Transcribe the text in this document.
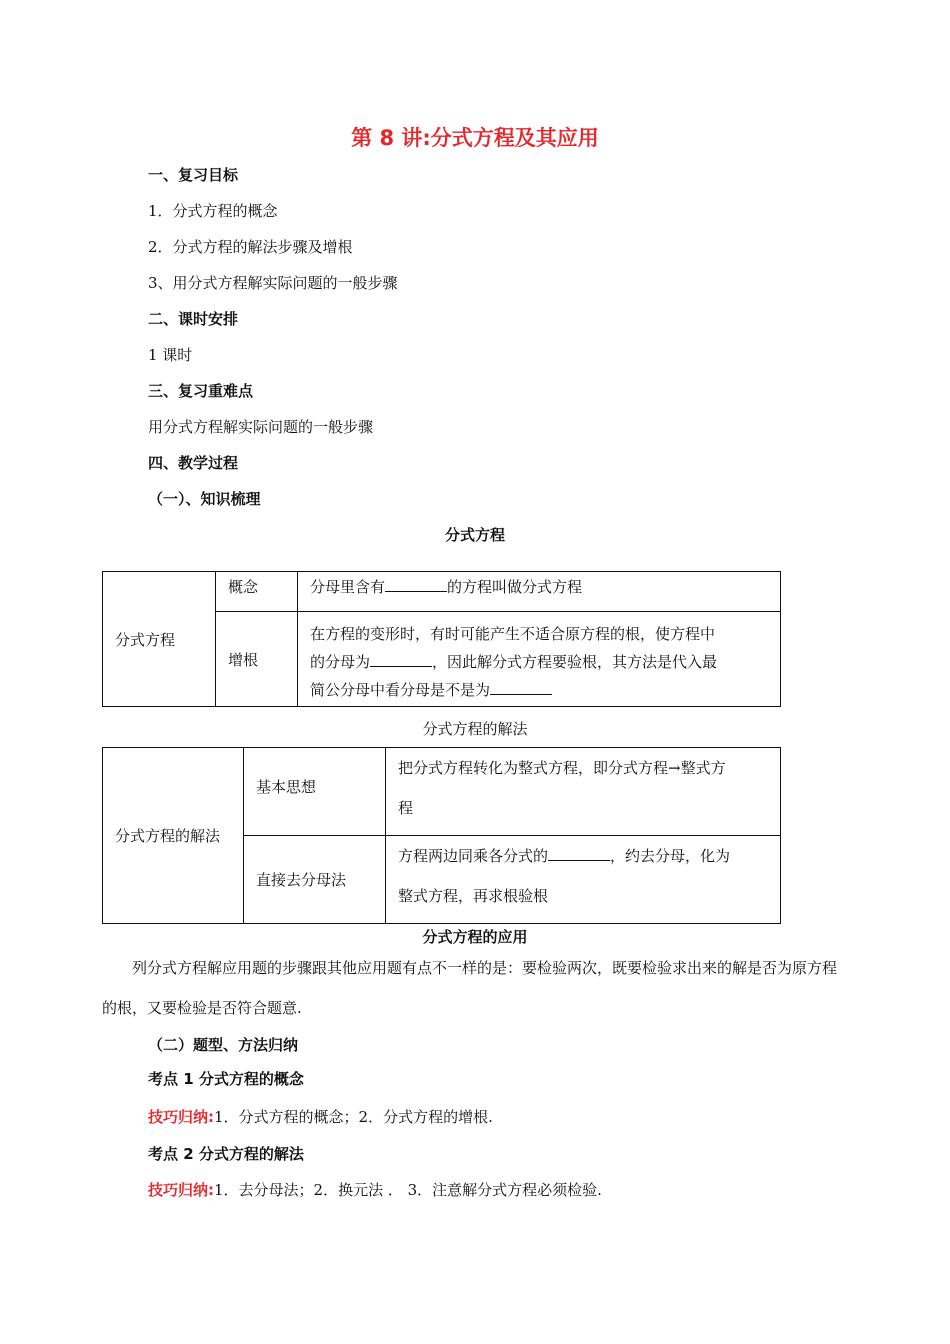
第 8 讲:分式方程及其应用
一、复习目标
1．分式方程的概念
2．分式方程的解法步骤及增根
3、用分式方程解实际问题的一般步骤
二、课时安排
1 课时
三、复习重难点
用分式方程解实际问题的一般步骤
四、教学过程
（一）、知识梳理
分式方程
分式方程	概念	分母里含有 的方程叫做分式方程
	增根	在方程的变形时，有时可能产生不适合原方程的根，使方程中
的分母为 ，因此解分式方程要验根，其方法是代入最
简公分母中看分母是不是为
分式方程的解法
分式方程的解法	基本思想	把分式方程转化为整式方程，即分式方程→整式方
程
	直接去分母法	方程两边同乘各分式的 ，约去分母，化为
整式方程，再求根验根
分式方程的应用
列分式方程解应用题的步骤跟其他应用题有点不一样的是：要检验两次，既要检验求出来的解是否为原方程的根，又要检验是否符合题意.
（二）题型、方法归纳
考点 1 分式方程的概念
技巧归纳:1．分式方程的概念；2．分式方程的增根.
考点 2 分式方程的解法
技巧归纳:1．去分母法；2．换元法 ． 3．注意解分式方程必须检验.
